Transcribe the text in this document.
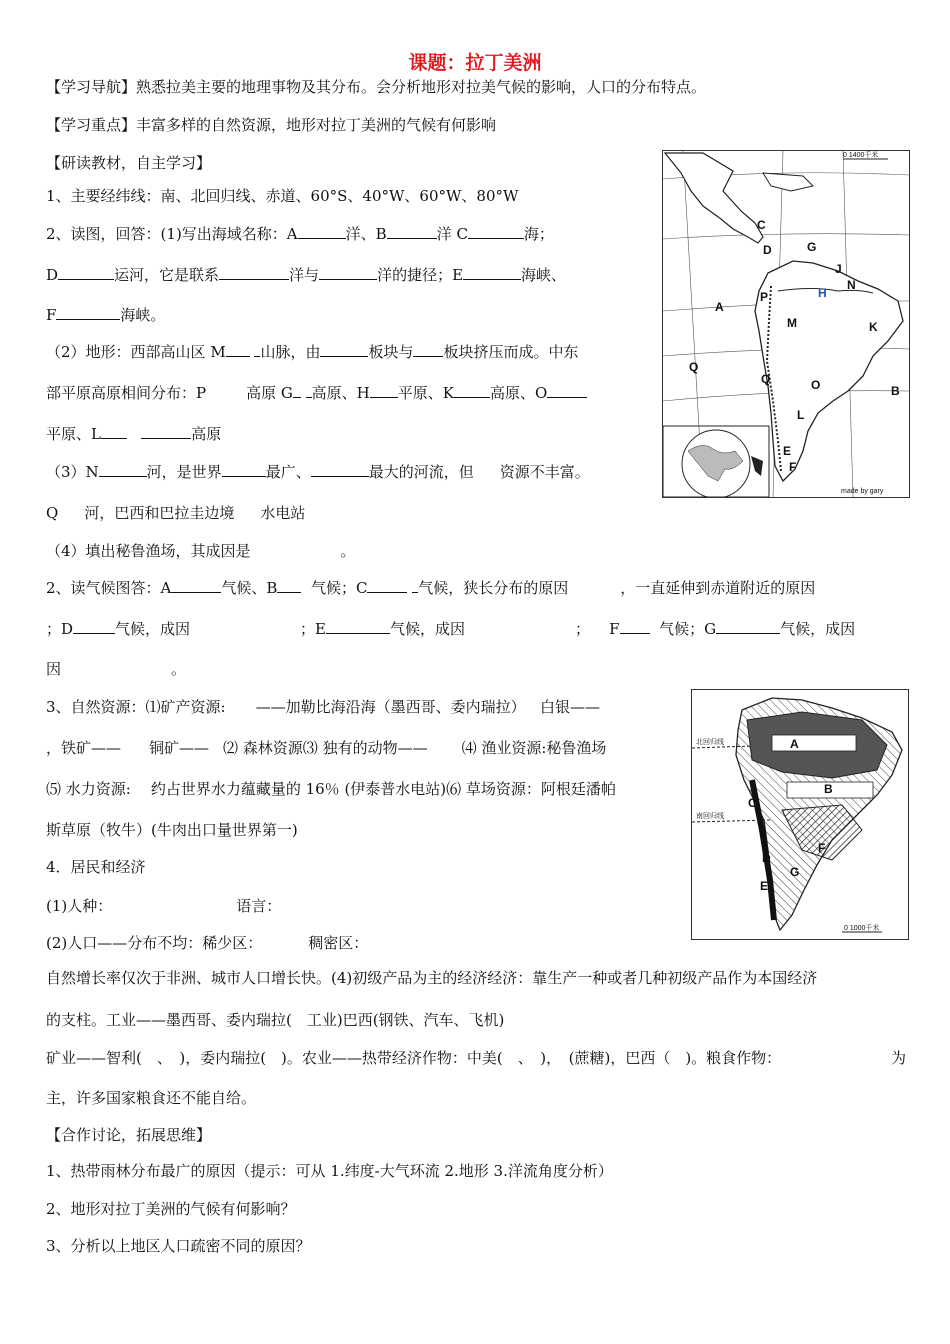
课题：拉丁美洲
【学习导航】熟悉拉美主要的地理事物及其分布。会分析地形对拉美气候的影响，人口的分布特点。
【学习重点】丰富多样的自然资源，地形对拉丁美洲的气候有何影响
【研读教材，自主学习】
1、主要经纬线：南、北回归线、赤道、60°S、40°W、60°W、80°W
2、读图，回答：(1)写出海域名称：A	洋、B	洋 C	海；
D	运河，它是联系	洋与	洋的捷径；E	海峡、
F	海峡。
（2）地形：西部高山区 M 山脉，由	板块与 板块挤压而成。中东
部平原高原相间分布：P	高原 G 高原、H 平原、K 高原、O
平原、L	高原
（3）N	河，是世界	最广、	最大的河流，但 资源不丰富。
Q 河，巴西和巴拉圭边境 水电站
（4）填出秘鲁渔场，其成因是	。
2、读气候图答：A	气候、B 气候；C	气候，狭长分布的原因	，一直延伸到赤道附近的原因
；D	气候，成因	；E	气候，成因	； F	气候；G	气候，成因
因	。
3、自然资源：⑴矿产资源: ——加勒比海沿海（墨西哥、委内瑞拉） 白银——
，铁矿—— 铜矿—— ⑵ 森林资源⑶ 独有的动物—— ⑷ 渔业资源:秘鲁渔场
⑸ 水力资源: 约占世界水力蕴藏量的 16％ (伊泰普水电站)⑹ 草场资源：阿根廷潘帕
斯草原（牧牛）(牛肉出口量世界第一)
4．居民和经济
(1)人种：	语言：
(2)人口——分布不均：稀少区：	稠密区：
自然增长率仅次于非洲、城市人口增长快。(4)初级产品为主的经济经济：靠生产一种或者几种初级产品作为本国经济
的支柱。工业——墨西哥、委内瑞拉(　工业)巴西(钢铁、汽车、飞机)
矿业——智利(　、　)，委内瑞拉(　)。农业——热带经济作物：中美(　、　)，　(蔗糖)，巴西（　)。粮食作物：	为
主，许多国家粮食还不能自给。
【合作讨论，拓展思维】
1、热带雨林分布最广的原因（提示：可从 1.纬度-大气环流 2.地形 3.洋流角度分析）
2、地形对拉丁美洲的气候有何影响？
3、分析以上地区人口疏密不同的原因？
0 1400千米
C
D	G
J
H
N
P
A
M	K
Q
Q	O	B
L
F
E
made by gary
北回归线
南回归线
A
B
C
D
E
F
G
0 1000千米
